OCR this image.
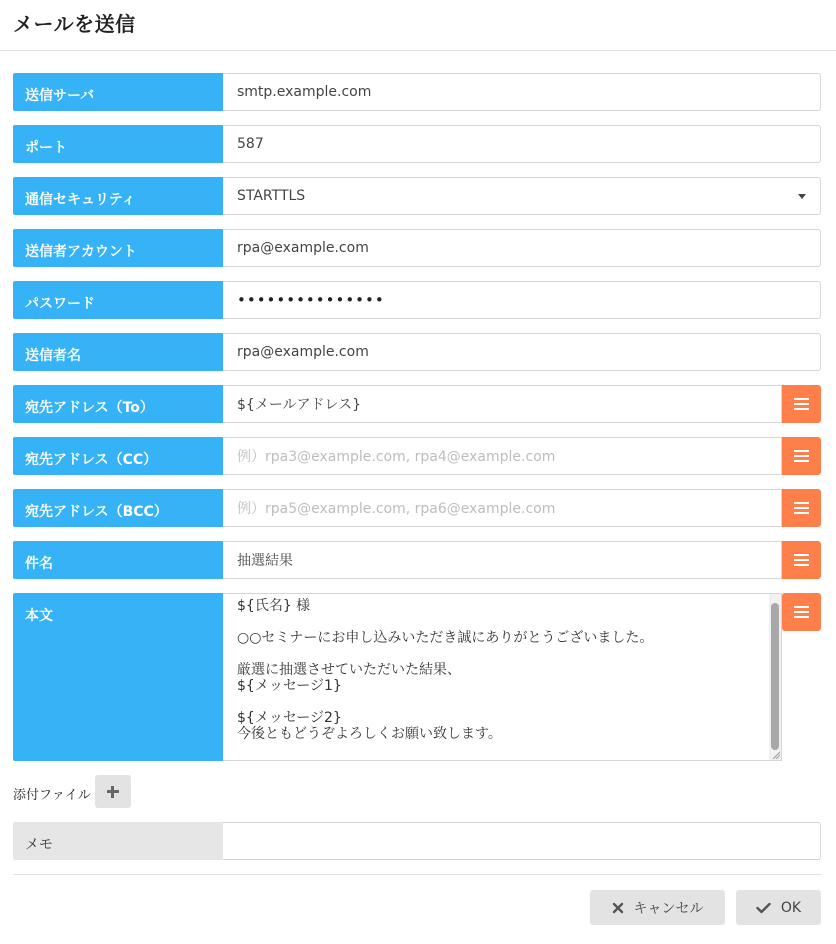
メールを送信
送信サーバ	smtp.example.com
ポート	587
通信セキュリティ	STARTTLS
送信者アカウント	rpa@example.com
パスワード	•••••••••••••••
送信者名	rpa@example.com
宛先アドレス（To）	${メールアドレス}
宛先アドレス（CC）	例）rpa3@example.com, rpa4@example.com
宛先アドレス（BCC）	例）rpa5@example.com, rpa6@example.com
件名	抽選結果
本文
${氏名} 様
○○セミナーにお申し込みいただき誠にありがとうございました。
厳選に抽選させていただいた結果、
${メッセージ1}
${メッセージ2}
今後ともどうぞよろしくお願い致します。
添付ファイル
メモ
キャンセル	OK
